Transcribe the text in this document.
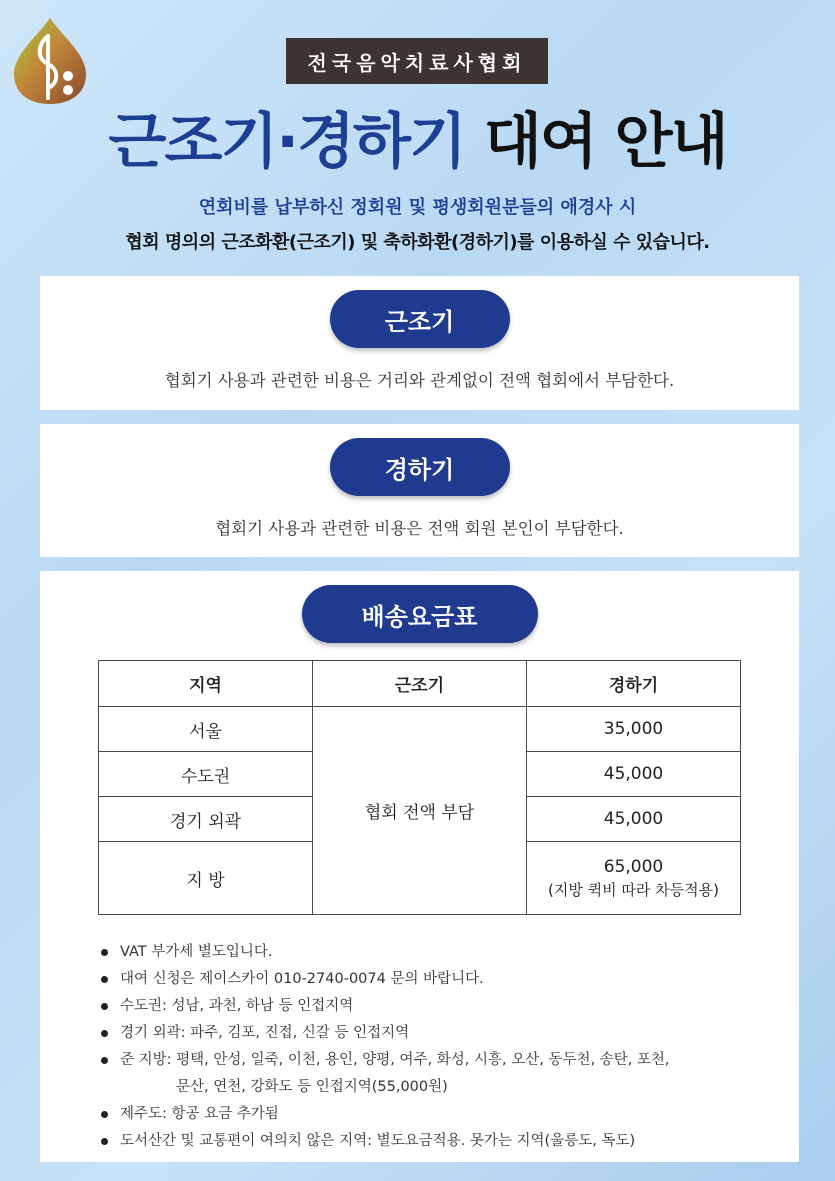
전국음악치료사협회
근조기·경하기 대여 안내
연회비를 납부하신 정회원 및 평생회원분들의 애경사 시
협회 명의의 근조화환(근조기) 및 축하화환(경하기)를 이용하실 수 있습니다.
근조기
협회기 사용과 관련한 비용은 거리와 관계없이 전액 협회에서 부담한다.
경하기
협회기 사용과 관련한 비용은 전액 회원 본인이 부담한다.
배송요금표
지역	근조기	경하기
서울	협회 전액 부담	35,000
수도권		45,000
경기 외곽		45,000
지 방		65,000
(지방 퀵비 따라 차등적용)
VAT 부가세 별도입니다.
대여 신청은 제이스카이 010-2740-0074 문의 바랍니다.
수도권: 성남, 과천, 하남 등 인접지역
경기 외곽: 파주, 김포, 진접, 신갈 등 인접지역
준 지방: 평택, 안성, 일죽, 이천, 용인, 양평, 여주, 화성, 시흥, 오산, 동두천, 송탄, 포천,
문산, 연천, 강화도 등 인접지역(55,000원)
제주도: 항공 요금 추가됨
도서산간 및 교통편이 여의치 않은 지역: 별도요금적용. 못가는 지역(울릉도, 독도)
